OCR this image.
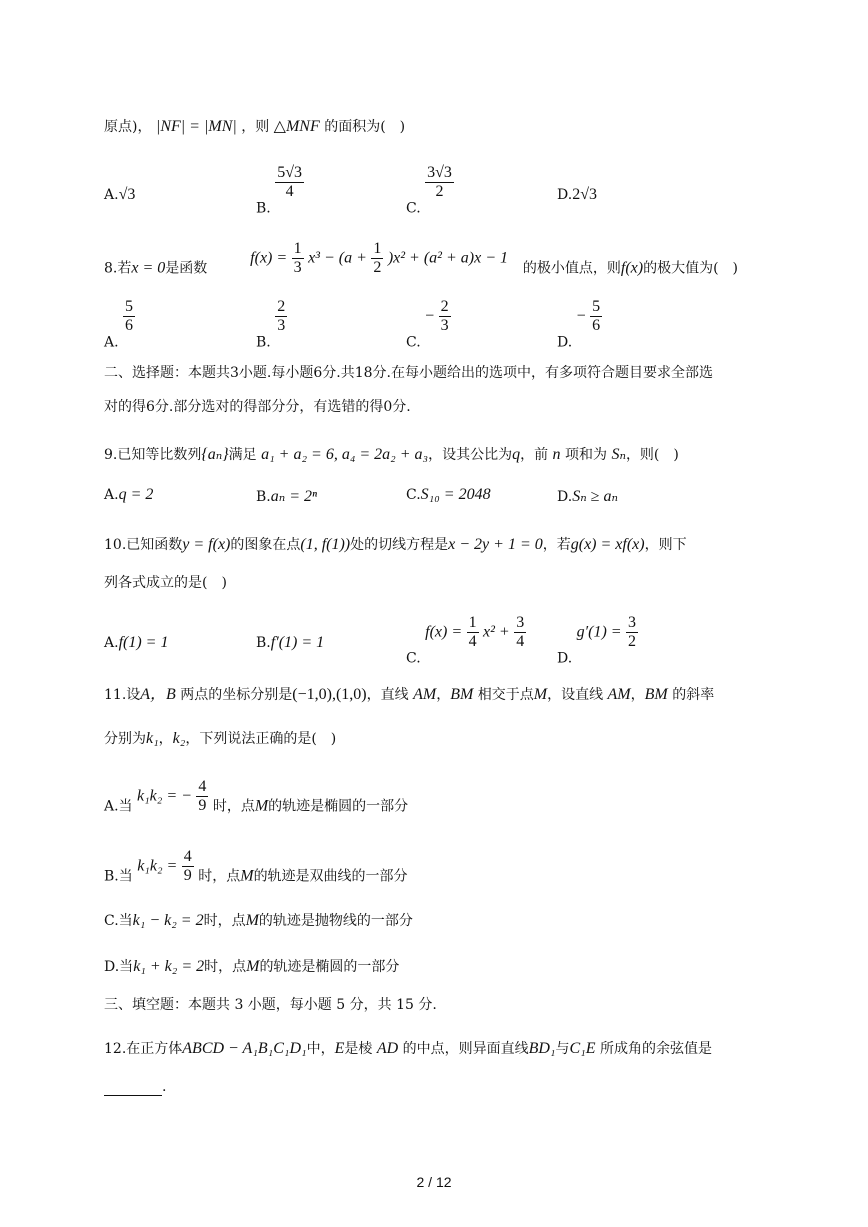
原点)， |NF| = |MN| ，则 △MNF 的面积为(　)
A.√3
B.
$\frac{5√3}{4}$
C.
$\frac{3√3}{2}$	D.2√3
8.若x = 0是函数  $f(x) = \frac{1}{3} x^3 - (a + \frac{1}{2} )x^2 + (a^2 + a)x - 1$  的极小值点，则f(x)的极大值为(　)
A.
$\frac{5}{6}$
B.
$\frac{2}{3}$
C. − $\frac{2}{3}$
D. − $\frac{5}{6}$
二、选择题：本题共3小题.每小题6分.共18分.在每小题给出的选项中，有多项符合题目要求全部选
对的得6分.部分选对的得部分分，有选错的得0分.
9.已知等比数列{aₙ}满足 a₁ + a₂ = 6, a₄ = 2a₂ + a₃，设其公比为q，前 n 项和为 Sₙ，则(　)
A.q = 2	B.aₙ = 2ⁿ	C.S₁₀ = 2048	D.Sₙ ≥ aₙ
10.已知函数y = f(x)的图象在点(1, f(1))处的切线方程是x − 2y + 1 = 0，若g(x) = xf(x)，则下
列各式成立的是(　)
A.f(1) = 1	B.f′(1) = 1
C. $f(x) = \frac{1}{4} x^2 + \frac{3}{4}$
D. $g'(1) = \frac{3}{2}$
11.设A，B 两点的坐标分别是(−1,0),(1,0)，直线 AM，BM 相交于点M，设直线 AM，BM 的斜率
分别为k₁，k₂，下列说法正确的是(　)
A.当 k₁k₂ = − $\frac{4}{9}$ 时，点M的轨迹是椭圆的一部分
B.当 $k_1k_2 = \frac{4}{9}$ 时，点M的轨迹是双曲线的一部分
C.当k₁ − k₂ = 2时，点M的轨迹是抛物线的一部分
D.当k₁ + k₂ = 2时，点M的轨迹是椭圆的一部分
三、填空题：本题共 3 小题，每小题 5 分，共 15 分.
12.在正方体ABCD − A₁B₁C₁D₁中，E是棱 AD 的中点，则异面直线BD₁与C₁E 所成角的余弦值是
.
2 / 12
